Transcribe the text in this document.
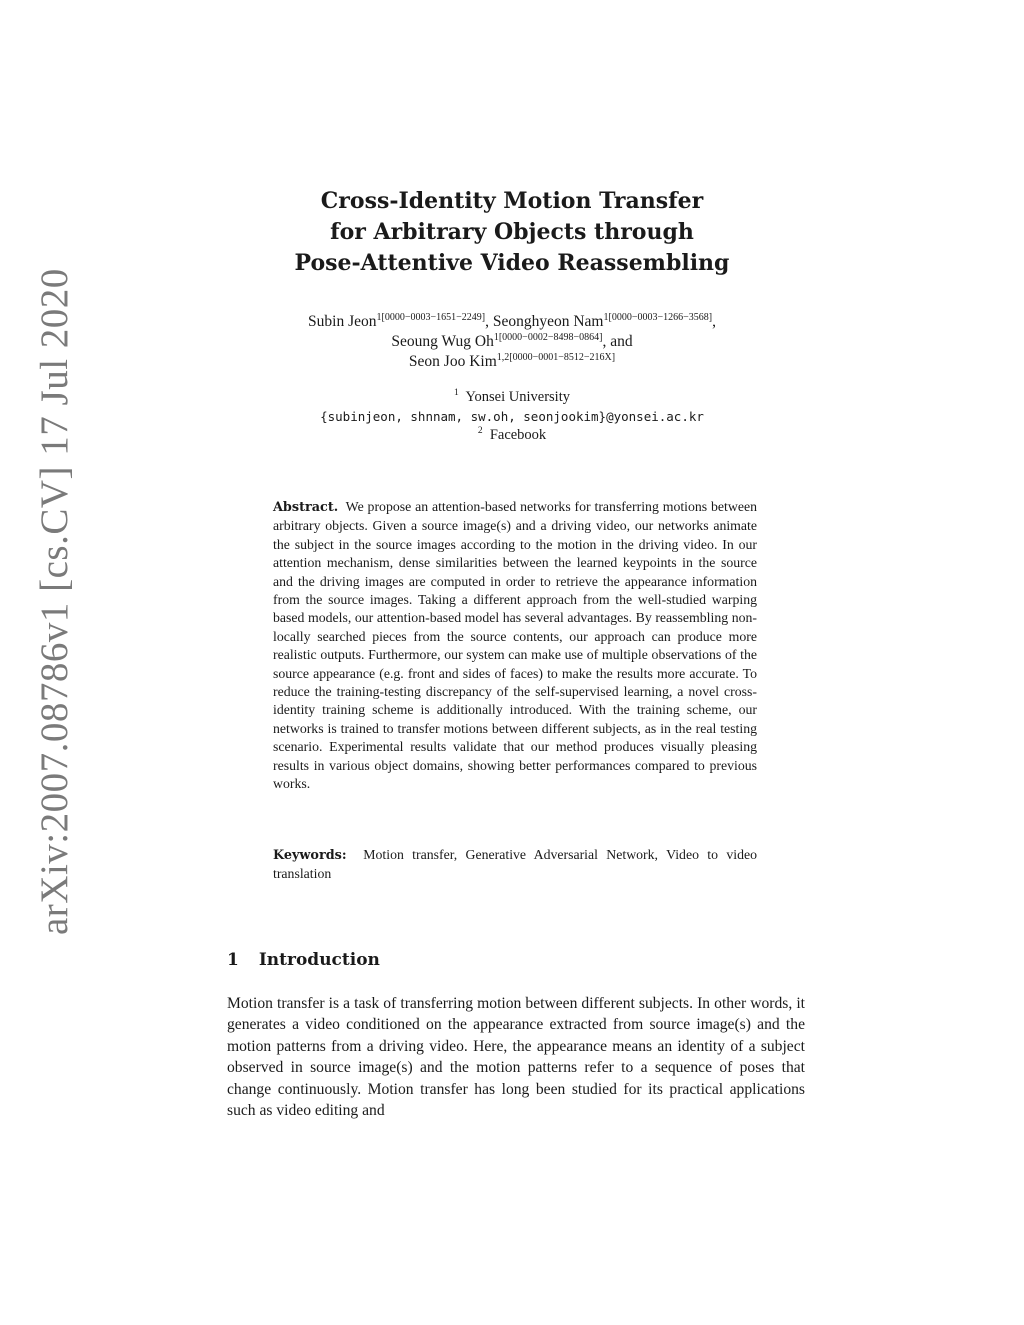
arXiv:2007.08786v1 [cs.CV] 17 Jul 2020
Cross-Identity Motion Transfer
for Arbitrary Objects through
Pose-Attentive Video Reassembling
Subin Jeon$^{1[0000-0003-1651-2249]}$, Seonghyeon Nam$^{1[0000-0003-1266-3568]}$,
Seoung Wug $Oh^{1[0000-0002-8498-0864]}$, and
Seon Joo Kim$^{1,2[0000-0001-8512-216X]}$
$^1$ Yonsei University
{subinjeon, shnnam, sw.oh, seonjookim}@yonsei.ac.kr
$^2$ Facebook
Abstract. We propose an attention-based networks for transferring motions between arbitrary objects. Given a source image(s) and a driving video, our networks animate the subject in the source images according to the motion in the driving video. In our attention mechanism, dense similarities between the learned keypoints in the source and the driving images are computed in order to retrieve the appearance information from the source images. Taking a different approach from the well-studied warping based models, our attention-based model has several advantages. By reassembling non-locally searched pieces from the source contents, our approach can produce more realistic outputs. Furthermore, our system can make use of multiple observations of the source appearance (e.g. front and sides of faces) to make the results more accurate. To reduce the training-testing discrepancy of the self-supervised learning, a novel cross-identity training scheme is additionally introduced. With the training scheme, our networks is trained to transfer motions between different subjects, as in the real testing scenario. Experimental results validate that our method produces visually pleasing results in various object domains, showing better performances compared to previous works.
Keywords: Motion transfer, Generative Adversarial Network, Video to video translation
1 Introduction
Motion transfer is a task of transferring motion between different subjects. In other words, it generates a video conditioned on the appearance extracted from source image(s) and the motion patterns from a driving video. Here, the appearance means an identity of a subject observed in source image(s) and the motion patterns refer to a sequence of poses that change continuously. Motion transfer has long been studied for its practical applications such as video editing and
